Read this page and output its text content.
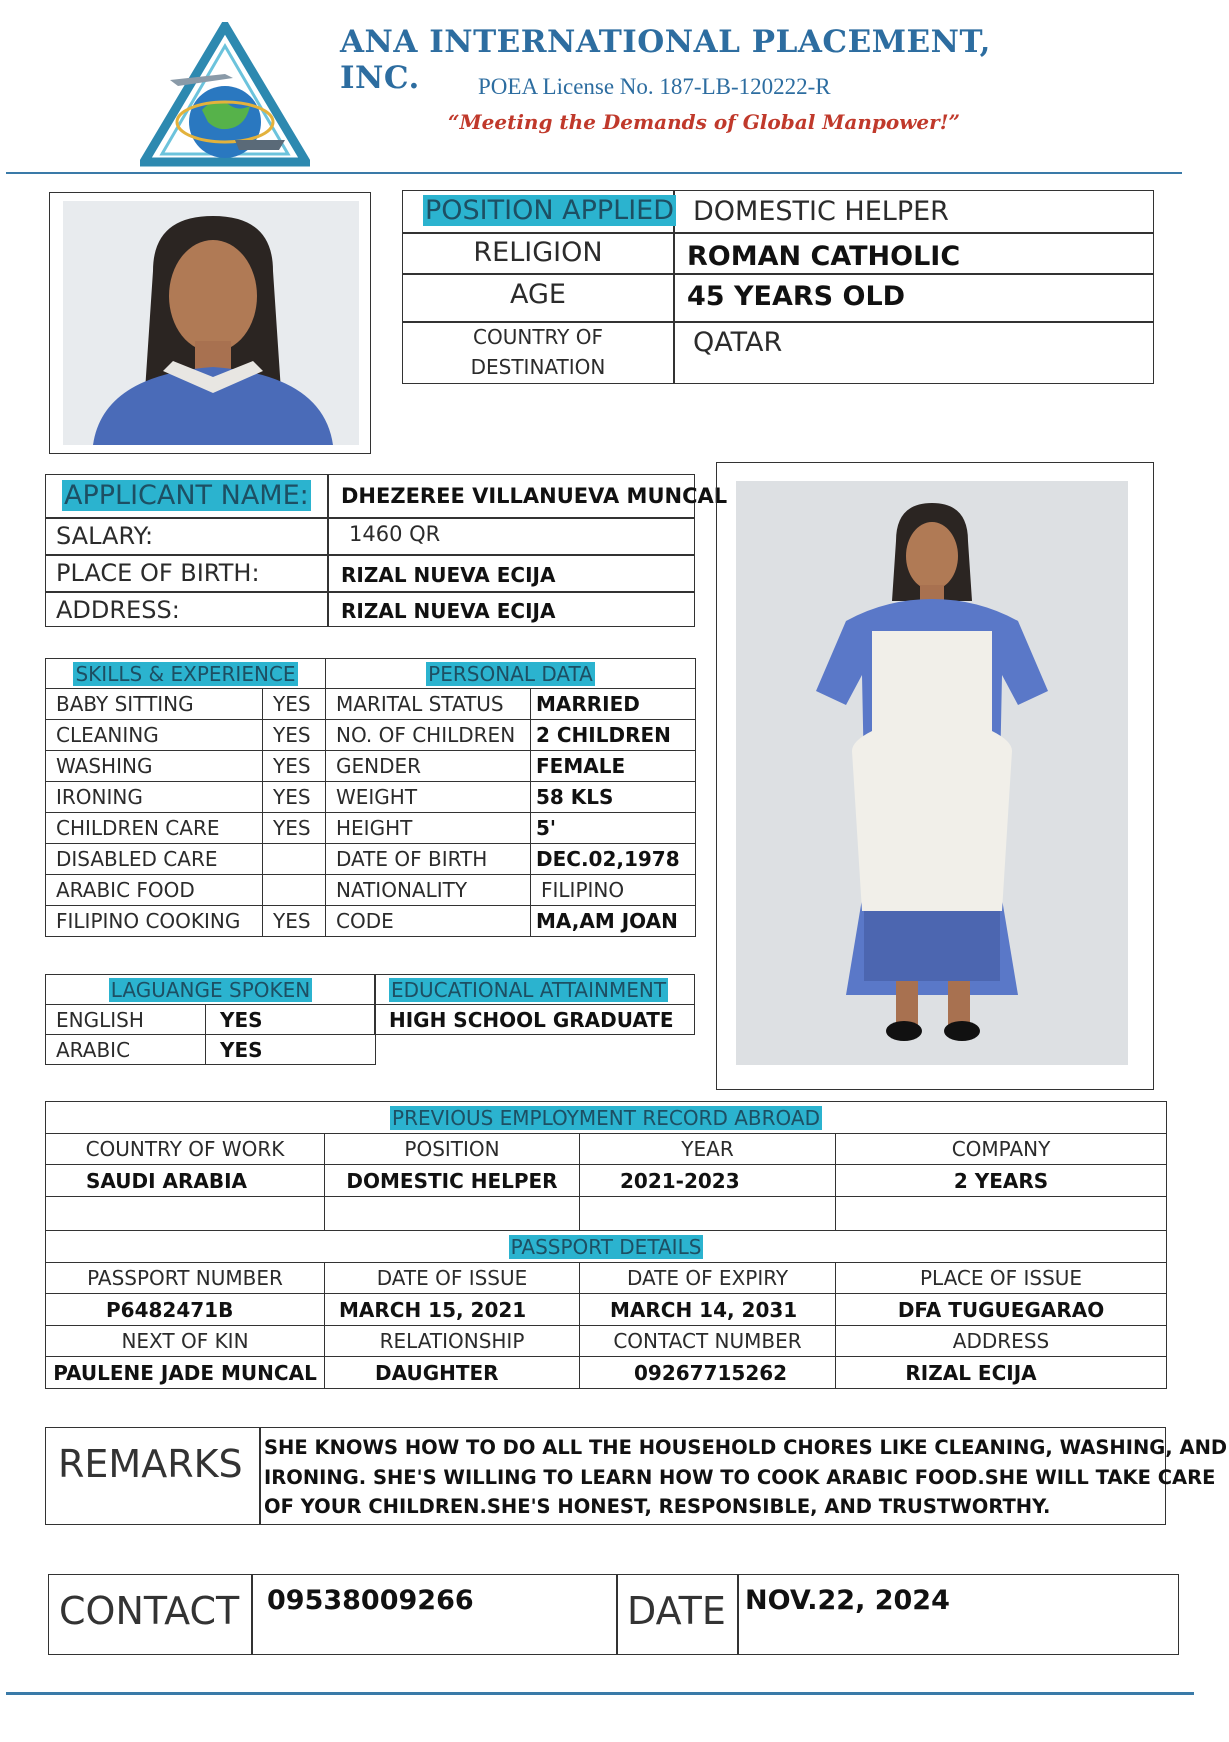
ANA INTERNATIONAL PLACEMENT, INC.	POEA License No. 187-LB-120222-R
“Meeting the Demands of Global Manpower!”
POSITION APPLIED DOMESTIC HELPER
RELIGION	ROMAN CATHOLIC
AGE	45 YEARS OLD
COUNTRY OF
DESTINATION
QATAR
APPLICANT NAME:	DHEZEREE VILLANUEVA MUNCAL
SALARY:	1460 QR
PLACE OF BIRTH:	RIZAL NUEVA ECIJA
ADDRESS:	RIZAL NUEVA ECIJA
SKILLS & EXPERIENCE		PERSONAL DATA	
BABY SITTING	YES	MARITAL STATUS	MARRIED
CLEANING	YES	NO. OF CHILDREN	2 CHILDREN
WASHING	YES	GENDER	FEMALE
IRONING	YES	WEIGHT	58 KLS
CHILDREN CARE	YES	HEIGHT	5'
DISABLED CARE		DATE OF BIRTH	DEC.02,1978
ARABIC FOOD		NATIONALITY	FILIPINO
FILIPINO COOKING	YES	CODE	MA,AM JOAN
LAGUANGE SPOKEN	
ENGLISH	YES
ARABIC	YES
EDUCATIONAL ATTAINMENT
HIGH SCHOOL GRADUATE
PREVIOUS EMPLOYMENT RECORD ABROAD			
COUNTRY OF WORK	POSITION	YEAR	COMPANY
SAUDI ARABIA	DOMESTIC HELPER	2021-2023	2 YEARS

PASSPORT DETAILS			
PASSPORT NUMBER	DATE OF ISSUE	DATE OF EXPIRY	PLACE OF ISSUE
P6482471B	MARCH 15, 2021	MARCH 14, 2031	DFA TUGUEGARAO
NEXT OF KIN	RELATIONSHIP	CONTACT NUMBER	ADDRESS
PAULENE JADE MUNCAL	DAUGHTER	09267715262	RIZAL ECIJA
REMARKS SHE KNOWS HOW TO DO ALL THE HOUSEHOLD CHORES LIKE CLEANING, WASHING, AND
IRONING. SHE'S WILLING TO LEARN HOW TO COOK ARABIC FOOD.SHE WILL TAKE CARE
OF YOUR CHILDREN.SHE'S HONEST, RESPONSIBLE, AND TRUSTWORTHY.
CONTACT 09538009266	DATE NOV.22, 2024
